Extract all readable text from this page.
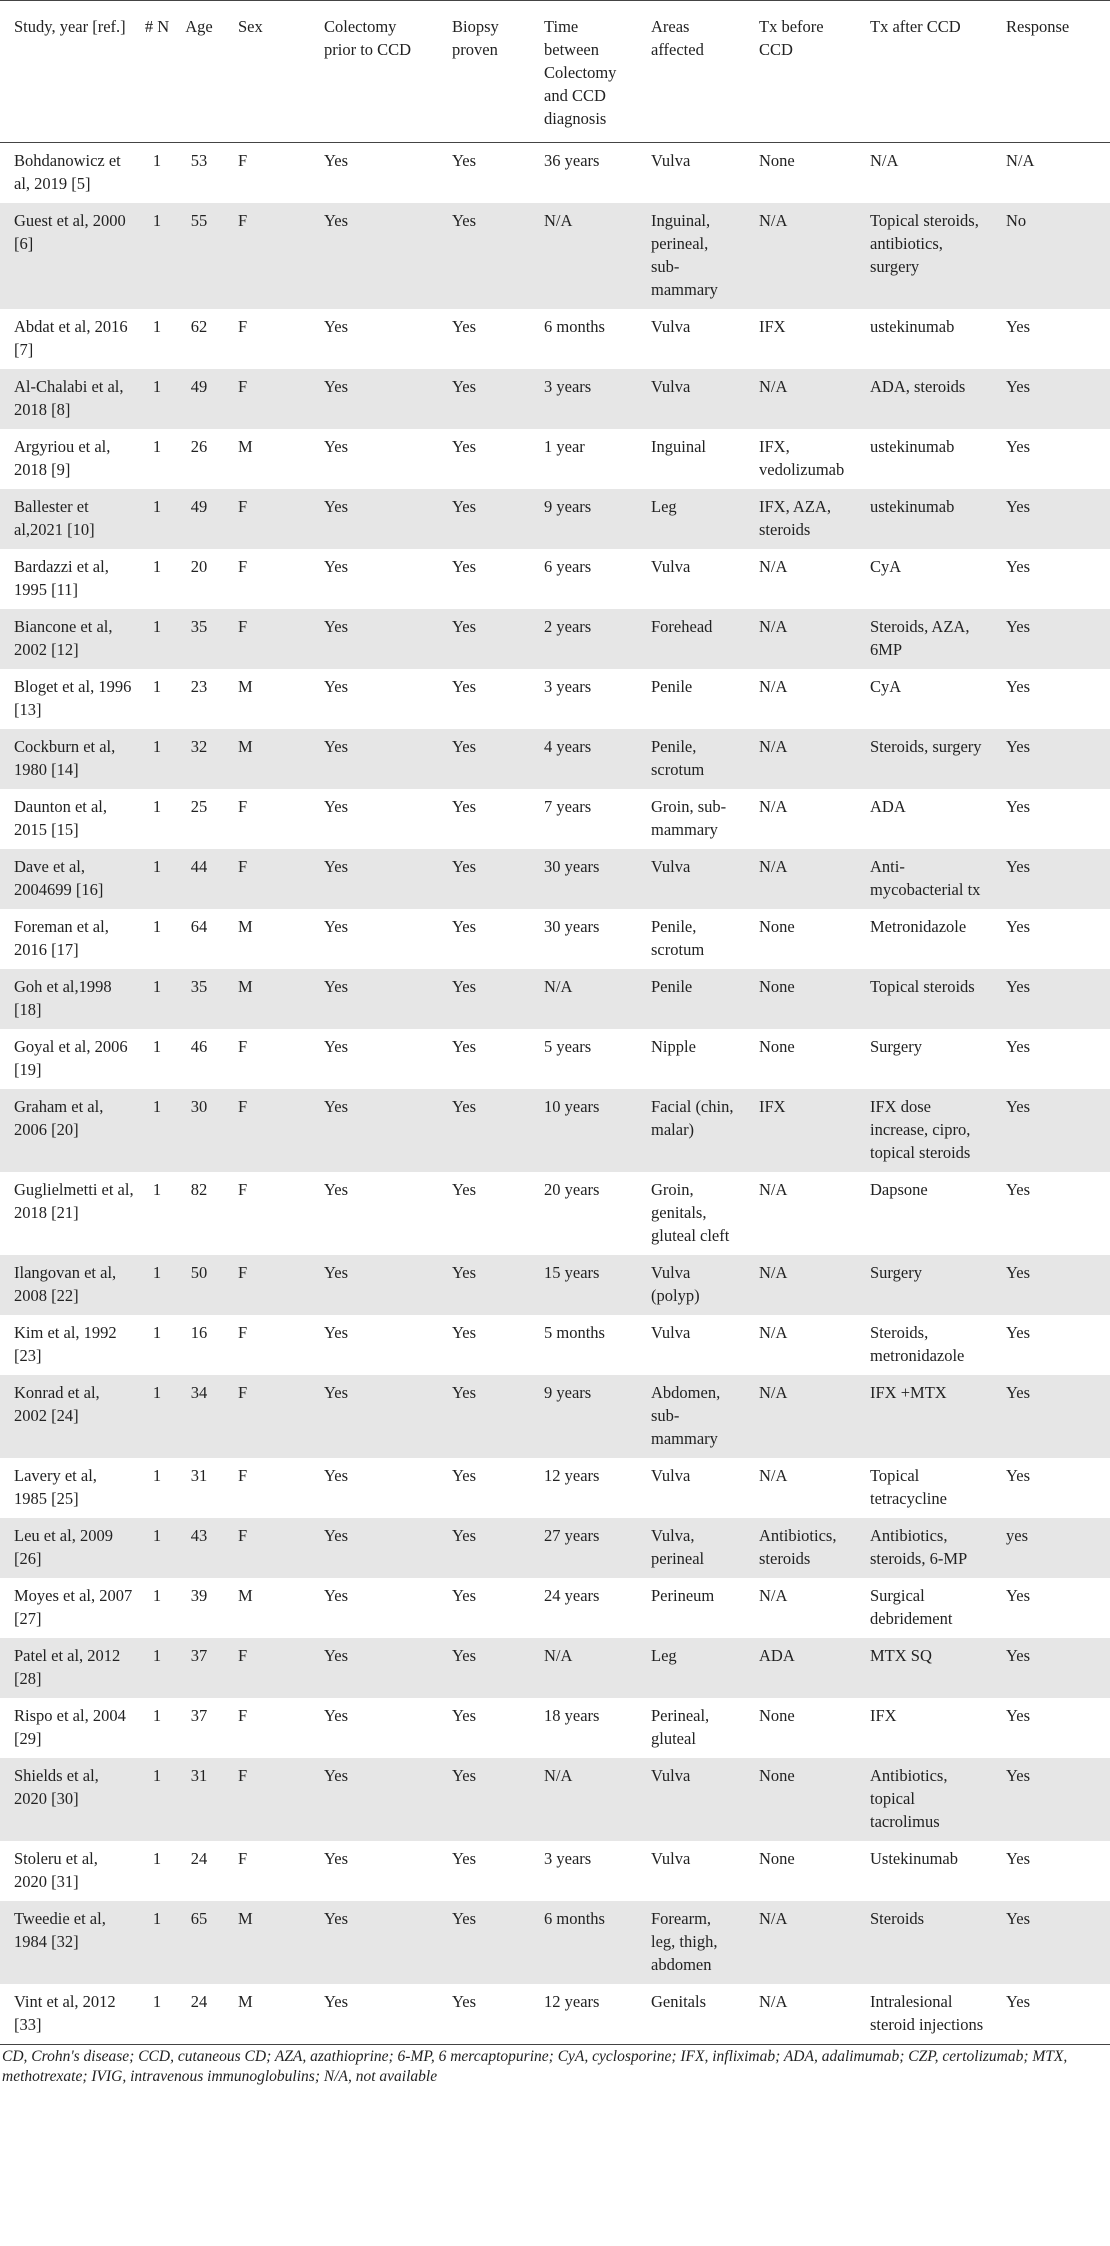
Study, year [ref.]	# N	Age	Sex	Colectomy prior to CCD	Biopsy proven	Time between Colectomy and CCD diagnosis	Areas affected	Tx before CCD	Tx after CCD	Response
Bohdanowicz et al, 2019 [5]	1	53	F	Yes	Yes	36 years	Vulva	None	N/A	N/A
Guest et al, 2000 [6]	1	55	F	Yes	Yes	N/A	Inguinal, perineal, sub-mammary	N/A	Topical steroids, antibiotics, surgery	No
Abdat et al, 2016 [7]	1	62	F	Yes	Yes	6 months	Vulva	IFX	ustekinumab	Yes
Al-Chalabi et al, 2018 [8]	1	49	F	Yes	Yes	3 years	Vulva	N/A	ADA, steroids	Yes
Argyriou et al, 2018 [9]	1	26	M	Yes	Yes	1 year	Inguinal	IFX, vedolizumab	ustekinumab	Yes
Ballester et al,2021 [10]	1	49	F	Yes	Yes	9 years	Leg	IFX, AZA, steroids	ustekinumab	Yes
Bardazzi et al, 1995 [11]	1	20	F	Yes	Yes	6 years	Vulva	N/A	CyA	Yes
Biancone et al, 2002 [12]	1	35	F	Yes	Yes	2 years	Forehead	N/A	Steroids, AZA, 6MP	Yes
Bloget et al, 1996 [13]	1	23	M	Yes	Yes	3 years	Penile	N/A	CyA	Yes
Cockburn et al, 1980 [14]	1	32	M	Yes	Yes	4 years	Penile, scrotum	N/A	Steroids, surgery	Yes
Daunton et al, 2015 [15]	1	25	F	Yes	Yes	7 years	Groin, sub-mammary	N/A	ADA	Yes
Dave et al, 2004699 [16]	1	44	F	Yes	Yes	30 years	Vulva	N/A	Anti-mycobacterial tx	Yes
Foreman et al, 2016 [17]	1	64	M	Yes	Yes	30 years	Penile, scrotum	None	Metronidazole	Yes
Goh et al,1998 [18]	1	35	M	Yes	Yes	N/A	Penile	None	Topical steroids	Yes
Goyal et al, 2006 [19]	1	46	F	Yes	Yes	5 years	Nipple	None	Surgery	Yes
Graham et al, 2006 [20]	1	30	F	Yes	Yes	10 years	Facial (chin, malar)	IFX	IFX dose increase, cipro, topical steroids	Yes
Guglielmetti et al, 2018 [21]	1	82	F	Yes	Yes	20 years	Groin, genitals, gluteal cleft	N/A	Dapsone	Yes
Ilangovan et al, 2008 [22]	1	50	F	Yes	Yes	15 years	Vulva (polyp)	N/A	Surgery	Yes
Kim et al, 1992 [23]	1	16	F	Yes	Yes	5 months	Vulva	N/A	Steroids, metronidazole	Yes
Konrad et al, 2002 [24]	1	34	F	Yes	Yes	9 years	Abdomen, sub-mammary	N/A	IFX +MTX	Yes
Lavery et al, 1985 [25]	1	31	F	Yes	Yes	12 years	Vulva	N/A	Topical tetracycline	Yes
Leu et al, 2009 [26]	1	43	F	Yes	Yes	27 years	Vulva, perineal	Antibiotics, steroids	Antibiotics, steroids, 6-MP	yes
Moyes et al, 2007 [27]	1	39	M	Yes	Yes	24 years	Perineum	N/A	Surgical debridement	Yes
Patel et al, 2012 [28]	1	37	F	Yes	Yes	N/A	Leg	ADA	MTX SQ	Yes
Rispo et al, 2004 [29]	1	37	F	Yes	Yes	18 years	Perineal, gluteal	None	IFX	Yes
Shields et al, 2020 [30]	1	31	F	Yes	Yes	N/A	Vulva	None	Antibiotics, topical tacrolimus	Yes
Stoleru et al, 2020 [31]	1	24	F	Yes	Yes	3 years	Vulva	None	Ustekinumab	Yes
Tweedie et al, 1984 [32]	1	65	M	Yes	Yes	6 months	Forearm, leg, thigh, abdomen	N/A	Steroids	Yes
Vint et al, 2012 [33]	1	24	M	Yes	Yes	12 years	Genitals	N/A	Intralesional steroid injections	Yes
CD, Crohn's disease; CCD, cutaneous CD; AZA, azathioprine; 6-MP, 6 mercaptopurine; CyA, cyclosporine; IFX, infliximab; ADA, adalimumab; CZP, certolizumab; MTX, methotrexate; IVIG, intravenous immunoglobulins; N/A, not available
